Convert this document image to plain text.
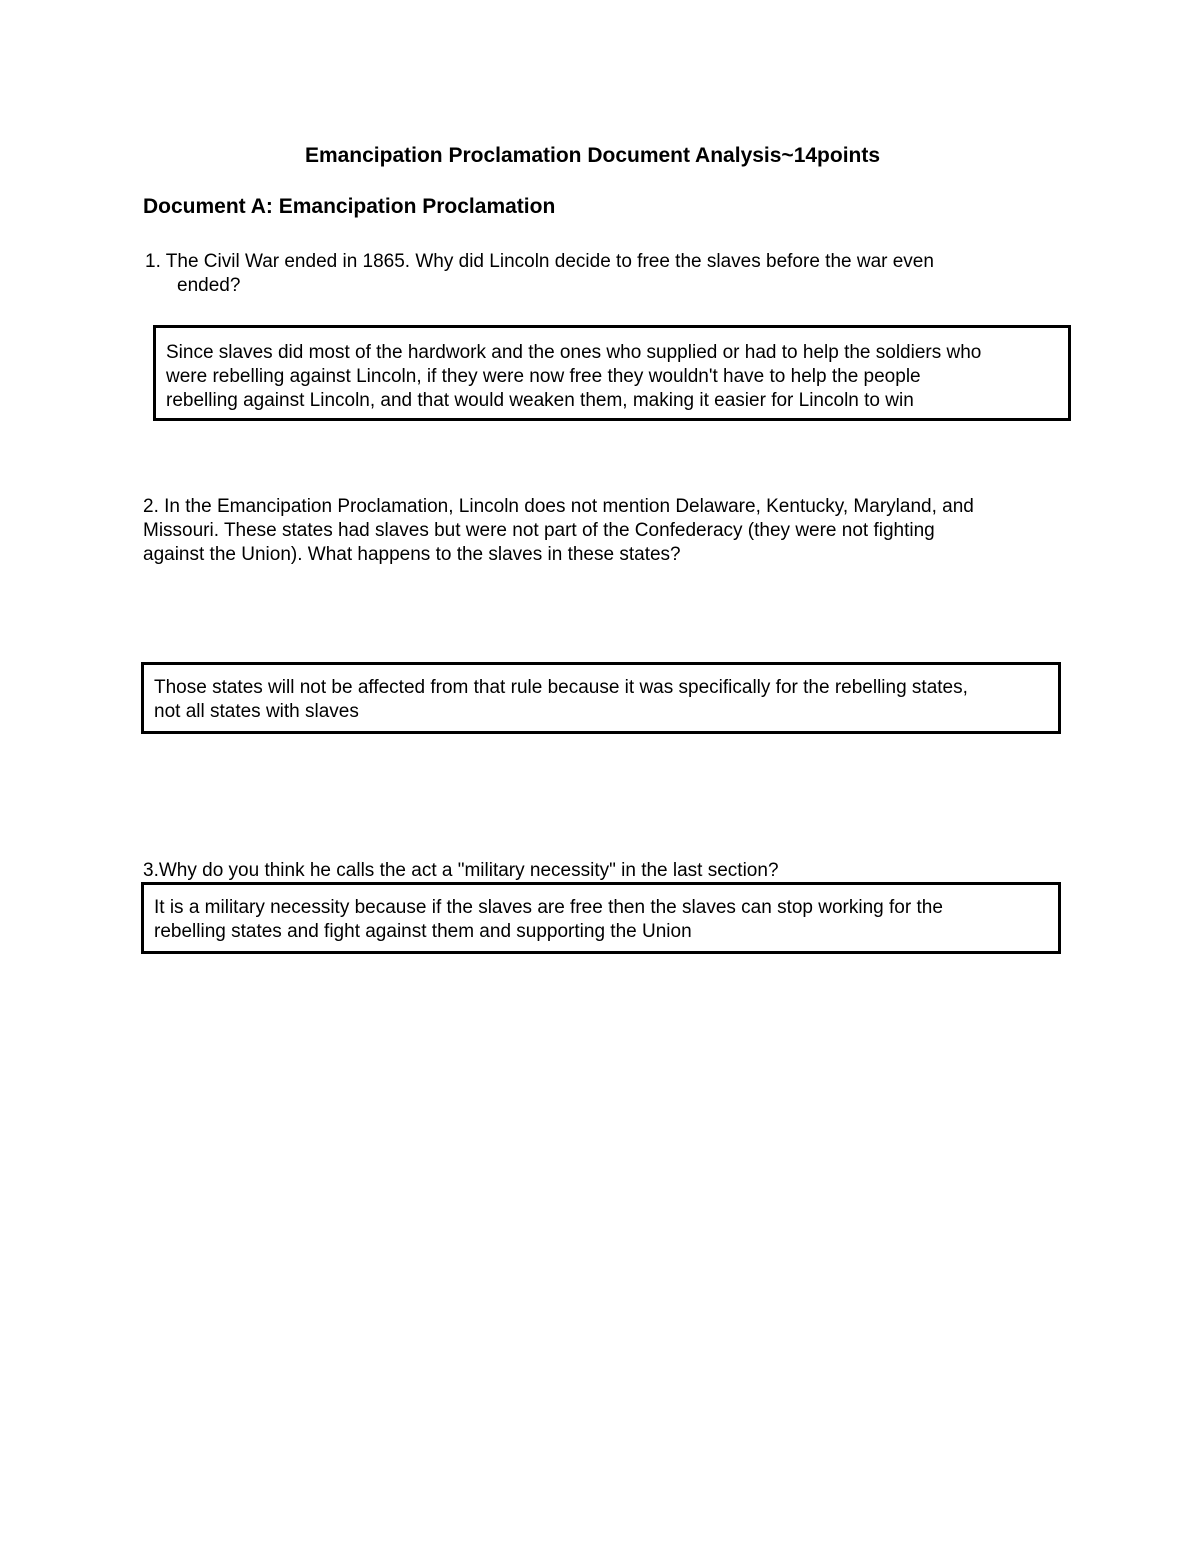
Emancipation Proclamation Document Analysis~14points
Document A: Emancipation Proclamation
1. The Civil War ended in 1865. Why did Lincoln decide to free the slaves before the war even
ended?
Since slaves did most of the hardwork and the ones who supplied or had to help the soldiers who
were rebelling against Lincoln, if they were now free they wouldn't have to help the people
rebelling against Lincoln, and that would weaken them, making it easier for Lincoln to win
2. In the Emancipation Proclamation, Lincoln does not mention Delaware, Kentucky, Maryland, and
Missouri. These states had slaves but were not part of the Confederacy (they were not fighting
against the Union). What happens to the slaves in these states?
Those states will not be affected from that rule because it was specifically for the rebelling states,
not all states with slaves
3.Why do you think he calls the act a "military necessity" in the last section?
It is a military necessity because if the slaves are free then the slaves can stop working for the
rebelling states and fight against them and supporting the Union
